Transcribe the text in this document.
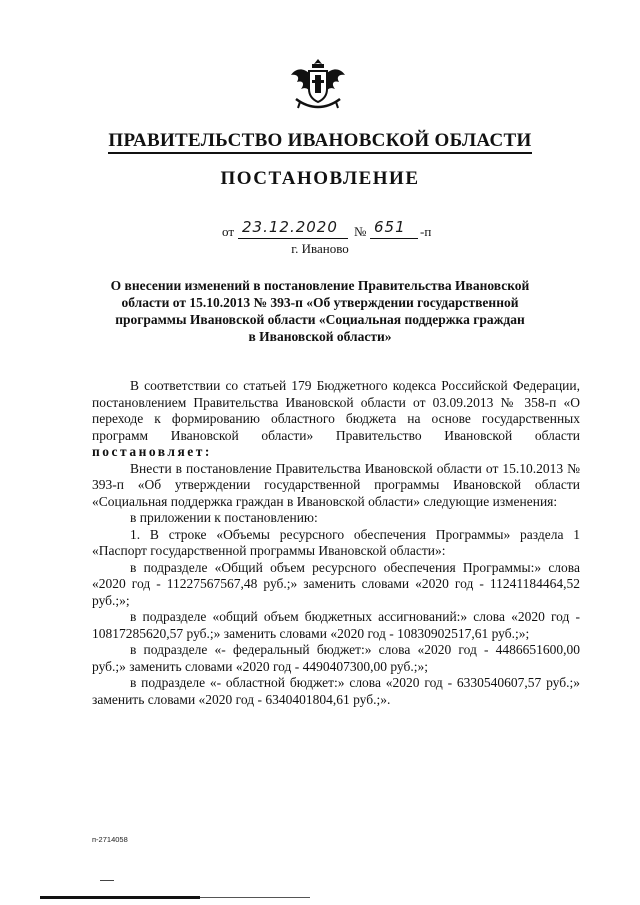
ПРАВИТЕЛЬСТВО ИВАНОВСКОЙ ОБЛАСТИ
ПОСТАНОВЛЕНИЕ
от 23.12.2020 № 651 -п
г. Иваново
О внесении изменений в постановление Правительства Ивановской области от 15.10.2013 № 393-п «Об утверждении государственной программы Ивановской области «Социальная поддержка граждан в Ивановской области»

В соответствии со статьей 179 Бюджетного кодекса Российской Федерации, постановлением Правительства Ивановской области от 03.09.2013 № 358-п «О переходе к формированию областного бюджета на основе государственных программ Ивановской области» Правительство Ивановской области постановляет:

Внести в постановление Правительства Ивановской области от 15.10.2013 № 393-п «Об утверждении государственной программы Ивановской области «Социальная поддержка граждан в Ивановской области» следующие изменения:

в приложении к постановлению:

1. В строке «Объемы ресурсного обеспечения Программы» раздела 1 «Паспорт государственной программы Ивановской области»:

в подразделе «Общий объем ресурсного обеспечения Программы:» слова «2020 год - 11227567567,48 руб.;» заменить словами «2020 год - 11241184464,52 руб.;»;

в подразделе «общий объем бюджетных ассигнований:» слова «2020 год - 10817285620,57 руб.;» заменить словами «2020 год - 10830902517,61 руб.;»;

в подразделе «- федеральный бюджет:» слова «2020 год - 4486651600,00 руб.;» заменить словами «2020 год - 4490407300,00 руб.;»;

в подразделе «- областной бюджет:» слова «2020 год - 6330540607,57 руб.;» заменить словами «2020 год - 6340401804,61 руб.;».

п-2714058
